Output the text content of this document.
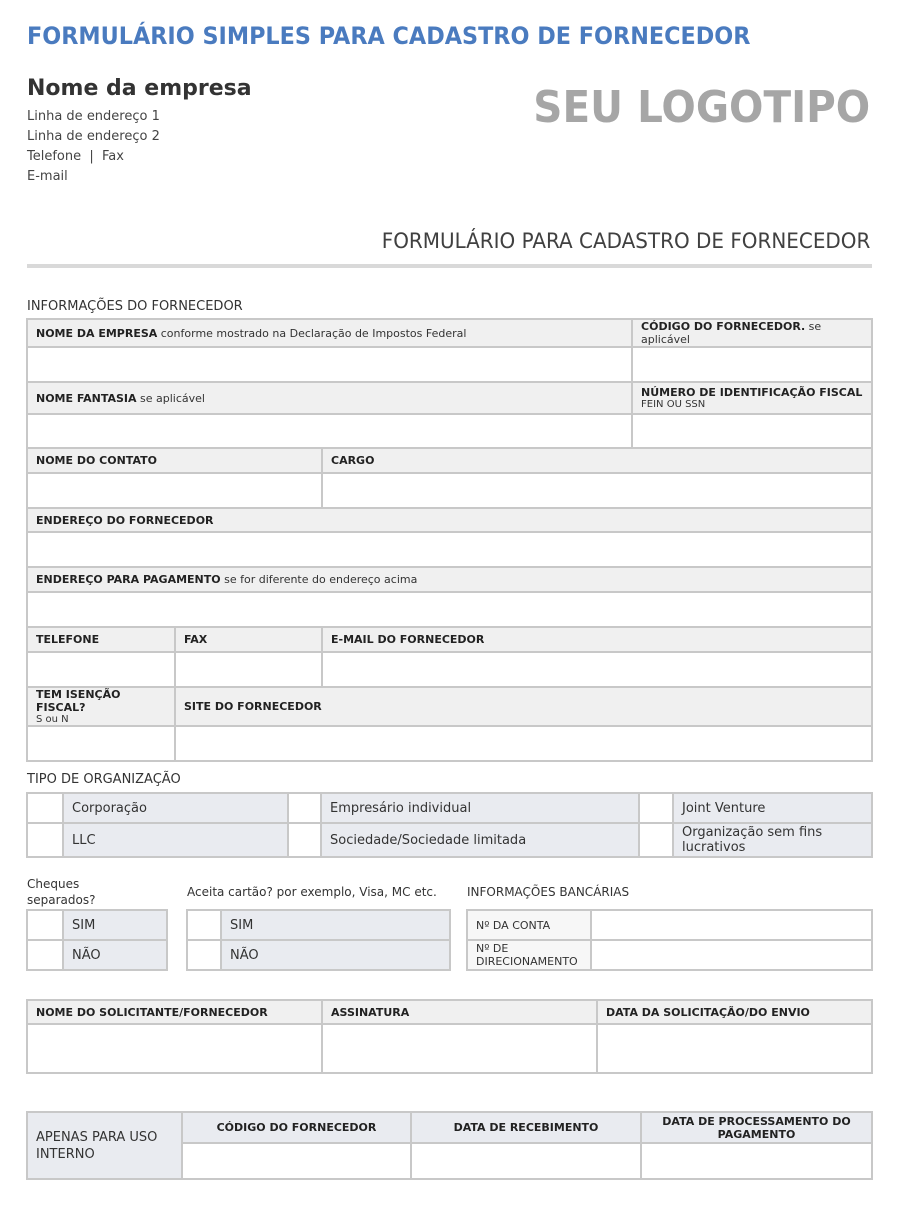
FORMULÁRIO SIMPLES PARA CADASTRO DE FORNECEDOR
Nome da empresa
Linha de endereço 1
Linha de endereço 2
Telefone  |  Fax
E-mail
SEU LOGOTIPO
FORMULÁRIO PARA CADASTRO DE FORNECEDOR
INFORMAÇÕES DO FORNECEDOR
NOME DA EMPRESA conforme mostrado na Declaração de Impostos Federal			CÓDIGO DO FORNECEDOR. se aplicável

NOME FANTASIA se aplicável			NÚMERO DE IDENTIFICAÇÃO FISCAL
FEIN OU SSN

NOME DO CONTATO		CARGO	

ENDEREÇO DO FORNECEDOR			

ENDEREÇO PARA PAGAMENTO se for diferente do endereço acima			

TELEFONE	FAX	E-MAIL DO FORNECEDOR	

TEM ISENÇÃO FISCAL?
S ou N	SITE DO FORNECEDOR		

TIPO DE ORGANIZAÇÃO
	Corporação		Empresário individual		Joint Venture
	LLC		Sociedade/Sociedade limitada		Organização sem fins lucrativos
Cheques separados?
	SIM
	NÃO
Aceita cartão? por exemplo, Visa, MC etc.
	SIM
	NÃO
INFORMAÇÕES BANCÁRIAS
Nº DA CONTA	
Nº DE DIRECIONAMENTO	
NOME DO SOLICITANTE/FORNECEDOR	ASSINATURA	DATA DA SOLICITAÇÃO/DO ENVIO

APENAS PARA USO INTERNO	CÓDIGO DO FORNECEDOR	DATA DE RECEBIMENTO	DATA DE PROCESSAMENTO DO PAGAMENTO
